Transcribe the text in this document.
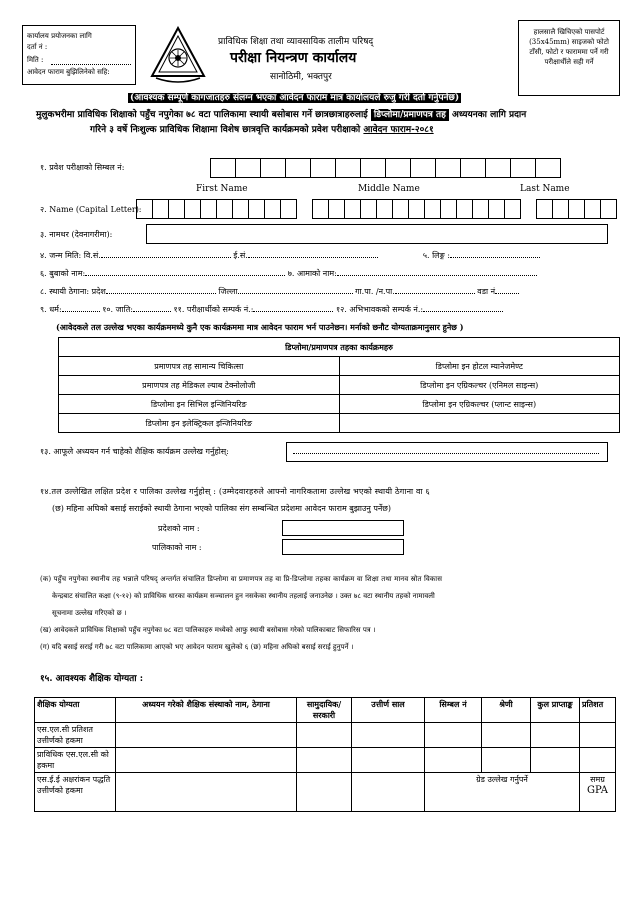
कार्यालय प्रयोजनका लागि
दर्ता नं :
मिति :
आवेदन फाराम बुझिलिनेको सहि:
प्राविधिक शिक्षा तथा व्यावसायिक तालीम परिषद्
परीक्षा नियन्त्रण कार्यालय
सानोठिमी, भक्तपुर
हालसालै खिचिएको पासपोर्ट (35x45mm) साइजको फोटो टाँसी, फोटो र फाराममा पर्ने गरी परीक्षार्थीले सही गर्ने
(आवश्यक सम्पूर्ण कागजातहरु संलग्न भएका आवेदन फाराम मात्र कार्यालयले रुजु गरी दर्ता गर्नुपर्नेछ)
मुलुकभरीमा प्राविधिक शिक्षाको पहुँच नपुगेका ७८ वटा पालिकामा स्थायी बसोबास गर्ने छात्रछात्राहरुलाई डिप्लोमा/प्रमाणपत्र तह अध्ययनका लागि प्रदान
गरिने ३ वर्षे निःशुल्क प्राविधिक शिक्षामा विशेष छात्रवृत्ति कार्यक्रमको प्रवेश परीक्षाको आवेदन फाराम-२०८१
१. प्रवेश परीक्षाको सिम्बल नं:
First Name	Middle Name	Last Name
२. Name (Capital Letter):
३. नामथर (देवनागरीमा):
४. जन्म मिति: वि.सं.	ई.सं.	५. लिङ्ग :
६. बुबाको नाम:	७. आमाको नाम:
८. स्थायी ठेगाना: प्रदेश	जिल्ला	गा.पा. /न.पा.	वडा नं
९. धर्म:	१०. जाति:	११. परीक्षार्थीको सम्पर्क नं.:	१२. अभिभावकको सम्पर्क नं.:
(आवेदकले तल उल्लेख भएका कार्यक्रममध्ये कुनै एक कार्यक्रममा मात्र आवेदन फाराम भर्न पाउनेछन। मर्नाको छनौट योग्यताक्रमानुसार हुनेछ )
डिप्लोमा/प्रमाणपत्र तहका कार्यक्रमहरु	
प्रमाणपत्र तह सामान्य चिकित्सा	डिप्लोमा इन होटल म्यानेजमेण्ट
प्रमाणपत्र तह मेडिकल ल्याब टेक्नोलोजी	डिप्लोमा इन एग्रिकल्चर (एनिमल साइन्स)
डिप्लोमा इन सिभिल इन्जिनियरिङ	डिप्लोमा इन एग्रिकल्चर (प्लान्ट साइन्स)
डिप्लोमा इन इलेक्ट्रिकल इन्जिनियरिङ	
१३. आफूले अध्ययन गर्न चाहेको शैक्षिक कार्यक्रम उल्लेख गर्नुहोस्:
१४.तल उल्लेखित लक्षित प्रदेश र पालिका उल्लेख गर्नुहोस् : (उम्मेदवारहरुले आफ्नो नागरिकतामा उल्लेख भएको स्थायी ठेगाना वा ६
(छ) महिना अघिको बसाई सराईको स्थायी ठेगाना भएको पालिका संग सम्बन्धित प्रदेशमा आवेदन फाराम बुझाउनु पर्नेछ)
प्रदेशको नाम :
पालिकाको नाम :
(क) पहुँच नपुगेका स्थानीय तह भन्नाले परिषद् अन्तर्गत संचालित डिप्लोमा वा प्रमाणपत्र तह वा प्रि-डिप्लोमा तहका कार्यक्रम वा शिक्षा तथा मानव स्रोत विकास
केन्द्रबाट संचालित कक्षा (९-१२) को प्राविधिक धारका कार्यक्रम सञ्चालन हुन नसकेका स्थानीय तहलाई जनाउनेछ । उक्त ७८ वटा स्थानीय तहको नामावली
सूचनामा उल्लेख गरिएको छ ।
(ख) आवेदकले प्राविधिक शिक्षाको पहुँच नपुगेका ७८ वटा पालिकाहरु मध्येको आफु स्थायी बसोबास गरेको पालिकाबाट सिफारिस पत्र ।
(ग) यदि बसाई सराई गरी ७८ वटा पालिकामा आएको भए आवेदन फाराम खुलेको ६ (छ) महिना अघिको बसाई सराई हुनुपर्ने ।
१५. आवश्यक शैक्षिक योग्यता :
शैक्षिक योग्यता	अध्ययन गरेको शैक्षिक संस्थाको नाम, ठेगाना	सामुदायिक/ सरकारी	उत्तीर्ण साल	सिम्बल नं	श्रेणी	कुल प्राप्ताङ्क	प्रतिशत
एस.एल.सी प्रतिशत उत्तीर्णको हकमा							
प्राविधिक एस.एल.सी को हकमा							
एस.ई.ई अक्षरांकन पद्धति उत्तीर्णको हकमा				ग्रेड उल्लेख गर्नुपर्ने			समग्र
GPA
